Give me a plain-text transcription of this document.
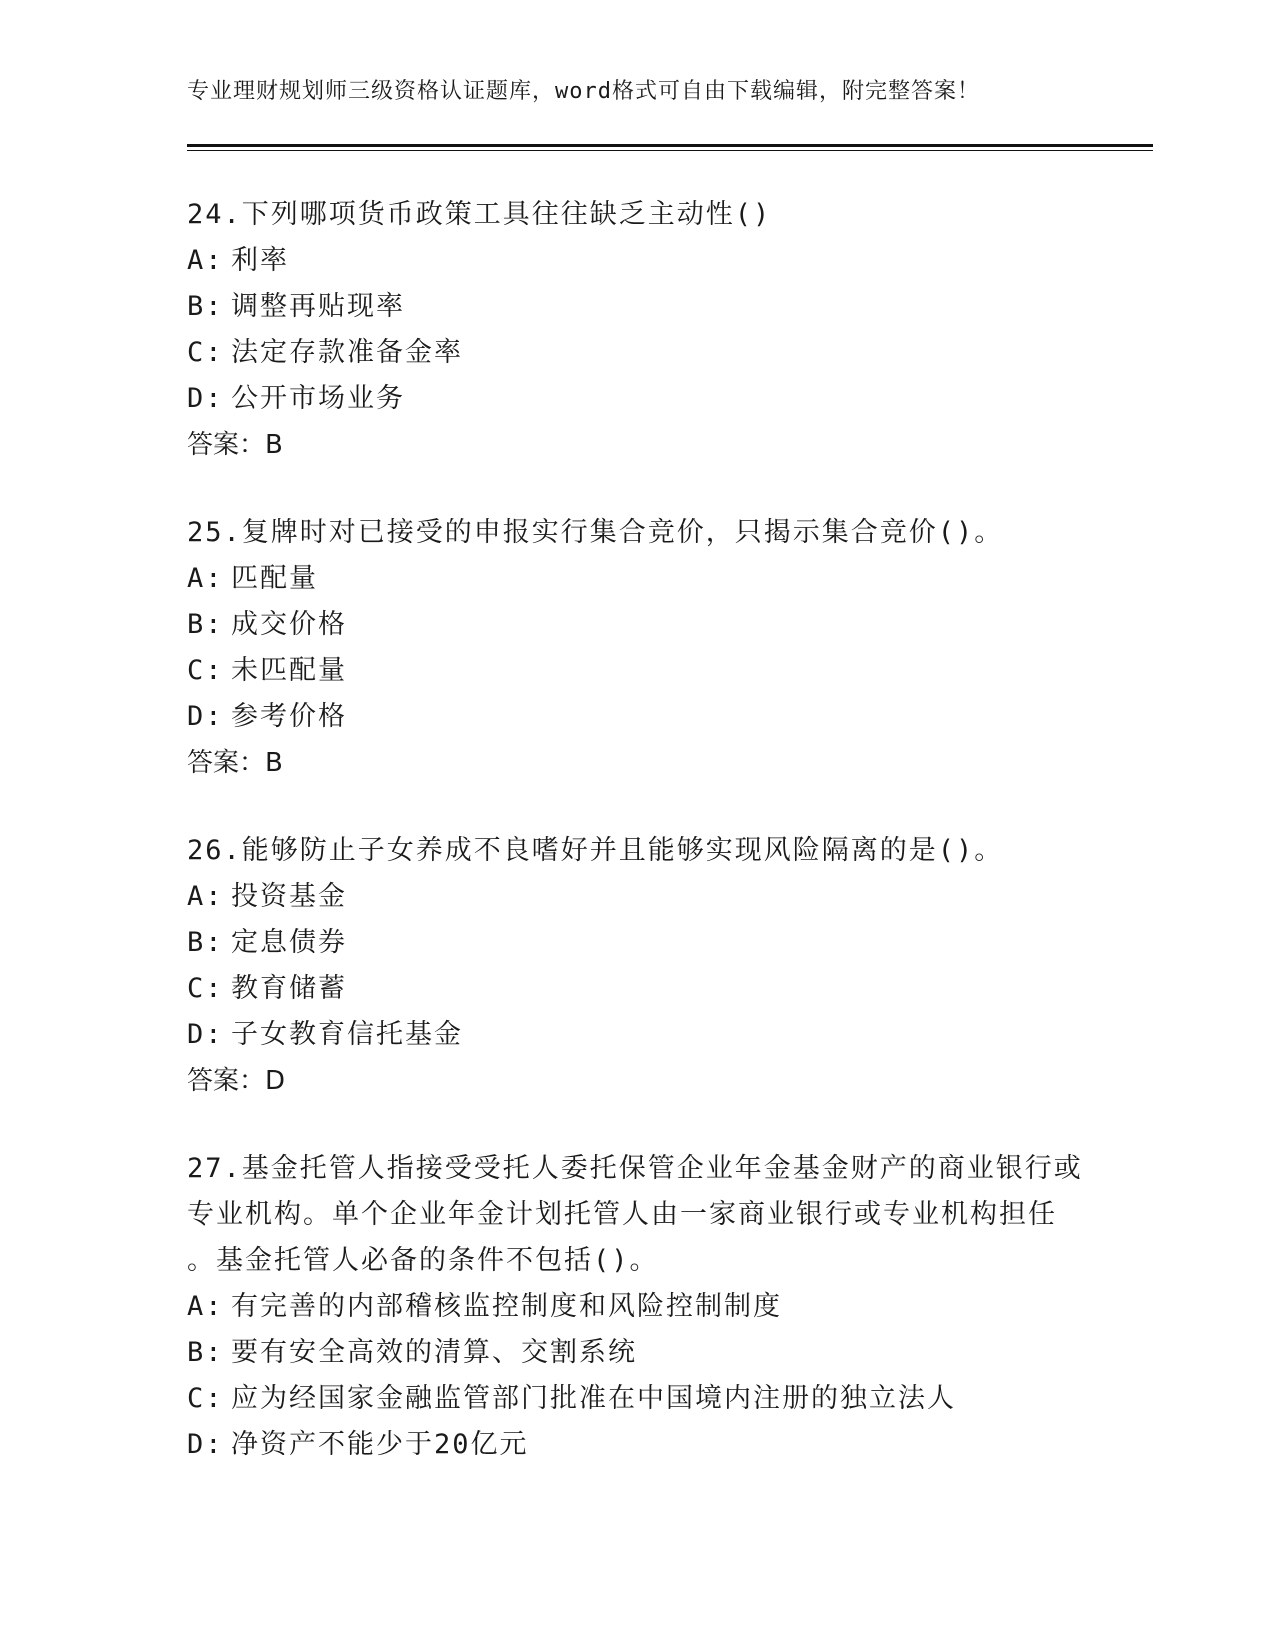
专业理财规划师三级资格认证题库，word格式可自由下载编辑，附完整答案！

24.下列哪项货币政策工具往往缺乏主动性()

A: 利率

B: 调整再贴现率

C: 法定存款准备金率

D: 公开市场业务

答案：B

25.复牌时对已接受的申报实行集合竞价，只揭示集合竞价()。

A: 匹配量

B: 成交价格

C: 未匹配量

D: 参考价格

答案：B

26.能够防止子女养成不良嗜好并且能够实现风险隔离的是()。

A: 投资基金

B: 定息债券

C: 教育储蓄

D: 子女教育信托基金

答案：D

27.基金托管人指接受受托人委托保管企业年金基金财产的商业银行或

专业机构。单个企业年金计划托管人由一家商业银行或专业机构担任

。基金托管人必备的条件不包括()。

A: 有完善的内部稽核监控制度和风险控制制度

B: 要有安全高效的清算、交割系统

C: 应为经国家金融监管部门批准在中国境内注册的独立法人

D: 净资产不能少于20亿元
